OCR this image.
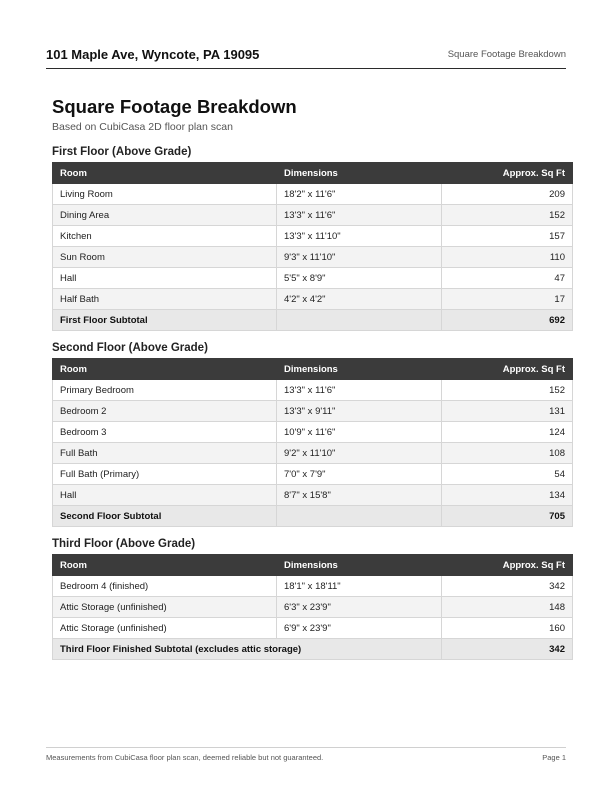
101 Maple Ave, Wyncote, PA 19095	Square Footage Breakdown
Square Footage Breakdown
Based on CubiCasa 2D floor plan scan
First Floor (Above Grade)
Room	Dimensions	Approx. Sq Ft
Living Room	18'2" x 11'6"	209
Dining Area	13'3" x 11'6"	152
Kitchen	13'3" x 11'10"	157
Sun Room	9'3" x 11'10"	110
Hall	5'5" x 8'9"	47
Half Bath	4'2" x 4'2"	17
First Floor Subtotal		692
Second Floor (Above Grade)
Room	Dimensions	Approx. Sq Ft
Primary Bedroom	13'3" x 11'6"	152
Bedroom 2	13'3" x 9'11"	131
Bedroom 3	10'9" x 11'6"	124
Full Bath	9'2" x 11'10"	108
Full Bath (Primary)	7'0" x 7'9"	54
Hall	8'7" x 15'8"	134
Second Floor Subtotal		705
Third Floor (Above Grade)
Room	Dimensions	Approx. Sq Ft
Bedroom 4 (finished)	18'1" x 18'11"	342
Attic Storage (unfinished)	6'3" x 23'9"	148
Attic Storage (unfinished)	6'9" x 23'9"	160
Third Floor Finished Subtotal (excludes attic storage)		342
Measurements from CubiCasa floor plan scan, deemed reliable but not guaranteed.	Page 1
